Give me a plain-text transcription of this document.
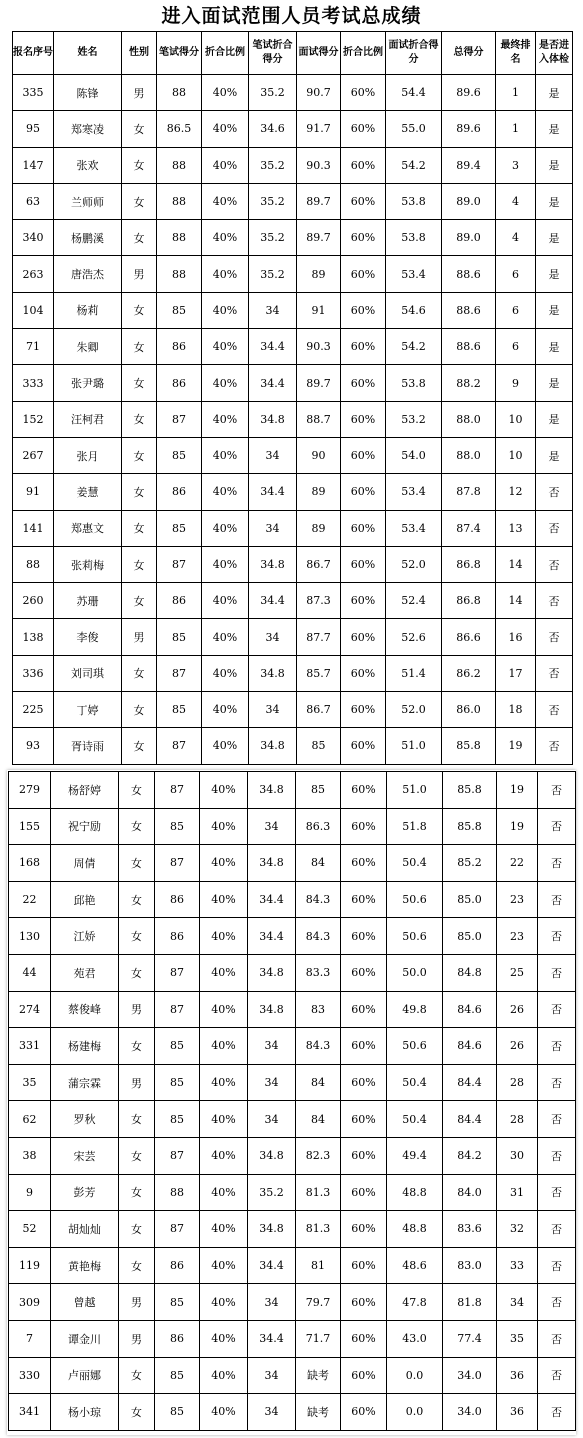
进入面试范围人员考试总成绩
报名序号	姓名	性别	笔试得分	折合比例	笔试折合得分	面试得分	折合比例	面试折合得分	总得分	最终排名	是否进入体检
335	陈锋	男	88	40%	35.2	90.7	60%	54.4	89.6	1	是
95	郑寒凌	女	86.5	40%	34.6	91.7	60%	55.0	89.6	1	是
147	张欢	女	88	40%	35.2	90.3	60%	54.2	89.4	3	是
63	兰师师	女	88	40%	35.2	89.7	60%	53.8	89.0	4	是
340	杨鹏溪	女	88	40%	35.2	89.7	60%	53.8	89.0	4	是
263	唐浩杰	男	88	40%	35.2	89	60%	53.4	88.6	6	是
104	杨莉	女	85	40%	34	91	60%	54.6	88.6	6	是
71	朱卿	女	86	40%	34.4	90.3	60%	54.2	88.6	6	是
333	张尹璐	女	86	40%	34.4	89.7	60%	53.8	88.2	9	是
152	汪柯君	女	87	40%	34.8	88.7	60%	53.2	88.0	10	是
267	张月	女	85	40%	34	90	60%	54.0	88.0	10	是
91	姜慧	女	86	40%	34.4	89	60%	53.4	87.8	12	否
141	郑惠文	女	85	40%	34	89	60%	53.4	87.4	13	否
88	张莉梅	女	87	40%	34.8	86.7	60%	52.0	86.8	14	否
260	苏珊	女	86	40%	34.4	87.3	60%	52.4	86.8	14	否
138	李俊	男	85	40%	34	87.7	60%	52.6	86.6	16	否
336	刘司琪	女	87	40%	34.8	85.7	60%	51.4	86.2	17	否
225	丁婷	女	85	40%	34	86.7	60%	52.0	86.0	18	否
93	胥诗雨	女	87	40%	34.8	85	60%	51.0	85.8	19	否
279	杨舒婷	女	87	40%	34.8	85	60%	51.0	85.8	19	否
155	祝宁励	女	85	40%	34	86.3	60%	51.8	85.8	19	否
168	周倩	女	87	40%	34.8	84	60%	50.4	85.2	22	否
22	邱艳	女	86	40%	34.4	84.3	60%	50.6	85.0	23	否
130	江娇	女	86	40%	34.4	84.3	60%	50.6	85.0	23	否
44	苑君	女	87	40%	34.8	83.3	60%	50.0	84.8	25	否
274	蔡俊峰	男	87	40%	34.8	83	60%	49.8	84.6	26	否
331	杨建梅	女	85	40%	34	84.3	60%	50.6	84.6	26	否
35	蒲宗霖	男	85	40%	34	84	60%	50.4	84.4	28	否
62	罗秋	女	85	40%	34	84	60%	50.4	84.4	28	否
38	宋芸	女	87	40%	34.8	82.3	60%	49.4	84.2	30	否
9	彭芳	女	88	40%	35.2	81.3	60%	48.8	84.0	31	否
52	胡灿灿	女	87	40%	34.8	81.3	60%	48.8	83.6	32	否
119	黄艳梅	女	86	40%	34.4	81	60%	48.6	83.0	33	否
309	曾越	男	85	40%	34	79.7	60%	47.8	81.8	34	否
7	谭金川	男	86	40%	34.4	71.7	60%	43.0	77.4	35	否
330	卢丽娜	女	85	40%	34	缺考	60%	0.0	34.0	36	否
341	杨小琼	女	85	40%	34	缺考	60%	0.0	34.0	36	否
